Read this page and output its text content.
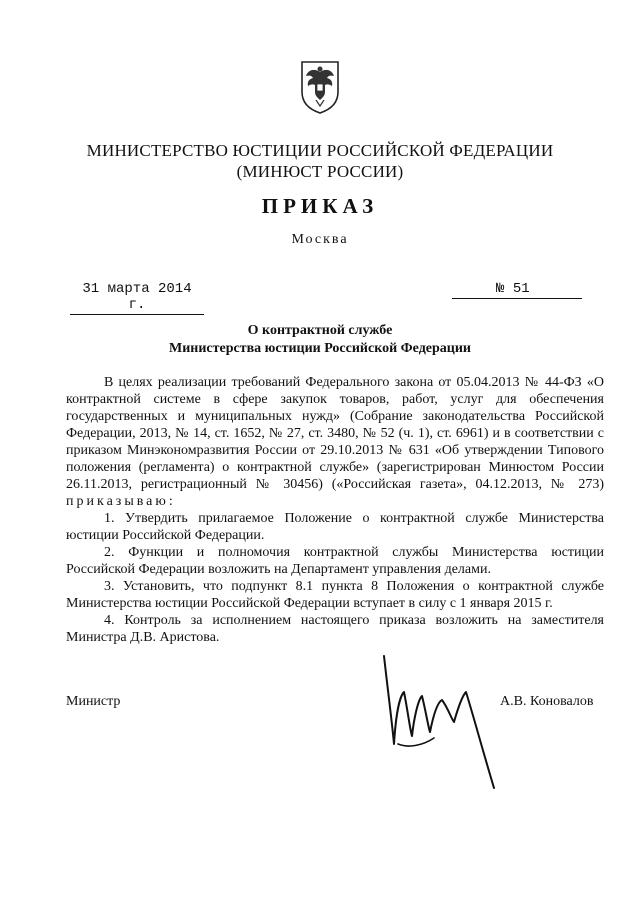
МИНИСТЕРСТВО ЮСТИЦИИ РОССИЙСКОЙ ФЕДЕРАЦИИ
(МИНЮСТ РОССИИ)
ПРИКАЗ
Москва
31 марта 2014 г.
№ 51
О контрактной службе
Министерства юстиции Российской Федерации

В целях реализации требований Федерального закона от 05.04.2013 № 44-ФЗ «О контрактной системе в сфере закупок товаров, работ, услуг для обеспечения государственных и муниципальных нужд» (Собрание законодательства Российской Федерации, 2013, № 14, ст. 1652, № 27, ст. 3480, № 52 (ч. 1), ст. 6961) и в соответствии с приказом Минэкономразвития России от 29.10.2013 № 631 «Об утверждении Типового положения (регламента) о контрактной службе» (зарегистрирован Минюстом России 26.11.2013, регистрационный № 30456) («Российская газета», 04.12.2013, № 273) приказываю:

1. Утвердить прилагаемое Положение о контрактной службе Министерства юстиции Российской Федерации.

2. Функции и полномочия контрактной службы Министерства юстиции Российской Федерации возложить на Департамент управления делами.

3. Установить, что подпункт 8.1 пункта 8 Положения о контрактной службе Министерства юстиции Российской Федерации вступает в силу с 1 января 2015 г.

4. Контроль за исполнением настоящего приказа возложить на заместителя Министра Д.В. Аристова.

Министр	А.В. Коновалов
